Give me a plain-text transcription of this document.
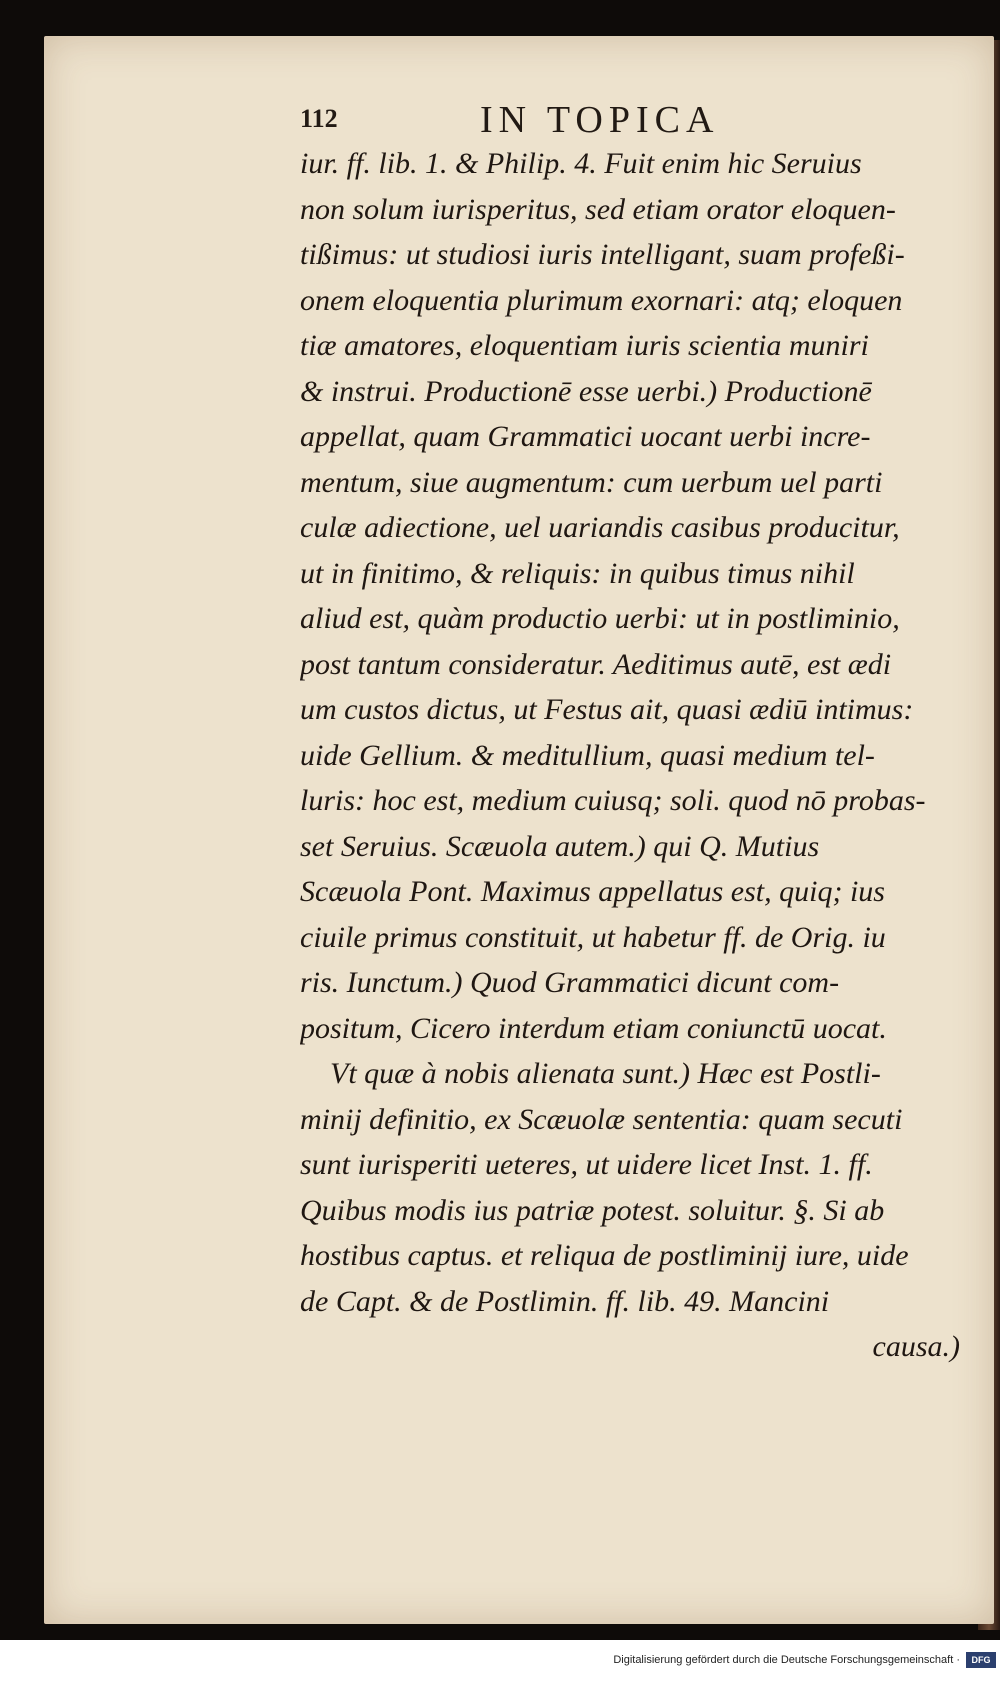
112	IN TOPICA
iur. ff. lib. 1. & Philip. 4. Fuit enim hic Seruius
non solum iurisperitus, sed etiam orator eloquen-
tißimus: ut studiosi iuris intelligant, suam profeßi-
onem eloquentia plurimum exornari: atq; eloquen
tiæ amatores, eloquentiam iuris scientia muniri
& instrui. Productionē esse uerbi.) Productionē
appellat, quam Grammatici uocant uerbi incre-
mentum, siue augmentum: cum uerbum uel parti
culæ adiectione, uel uariandis casibus producitur,
ut in finitimo, & reliquis: in quibus timus nihil
aliud est, quàm productio uerbi: ut in postliminio,
post tantum consideratur. Aeditimus autē, est ædi
um custos dictus, ut Festus ait, quasi ædiū intimus:
uide Gellium. & meditullium, quasi medium tel-
luris: hoc est, medium cuiusq; soli. quod nō probas-
set Seruius. Scæuola autem.) qui Q. Mutius
Scæuola Pont. Maximus appellatus est, quiq; ius
ciuile primus constituit, ut habetur ff. de Orig. iu
ris. Iunctum.) Quod Grammatici dicunt com-
positum, Cicero interdum etiam coniunctū uocat.
Vt quæ à nobis alienata sunt.) Hæc est Postli-
minij definitio, ex Scæuolæ sententia: quam secuti
sunt iurisperiti ueteres, ut uidere licet Inst. 1. ff.
Quibus modis ius patriæ potest. soluitur. §. Si ab
hostibus captus. et reliqua de postliminij iure, uide
de Capt. & de Postlimin. ff. lib. 49. Mancini
causa.)
Digitalisierung gefördert durch die Deutsche Forschungsgemeinschaft ·	DFG
